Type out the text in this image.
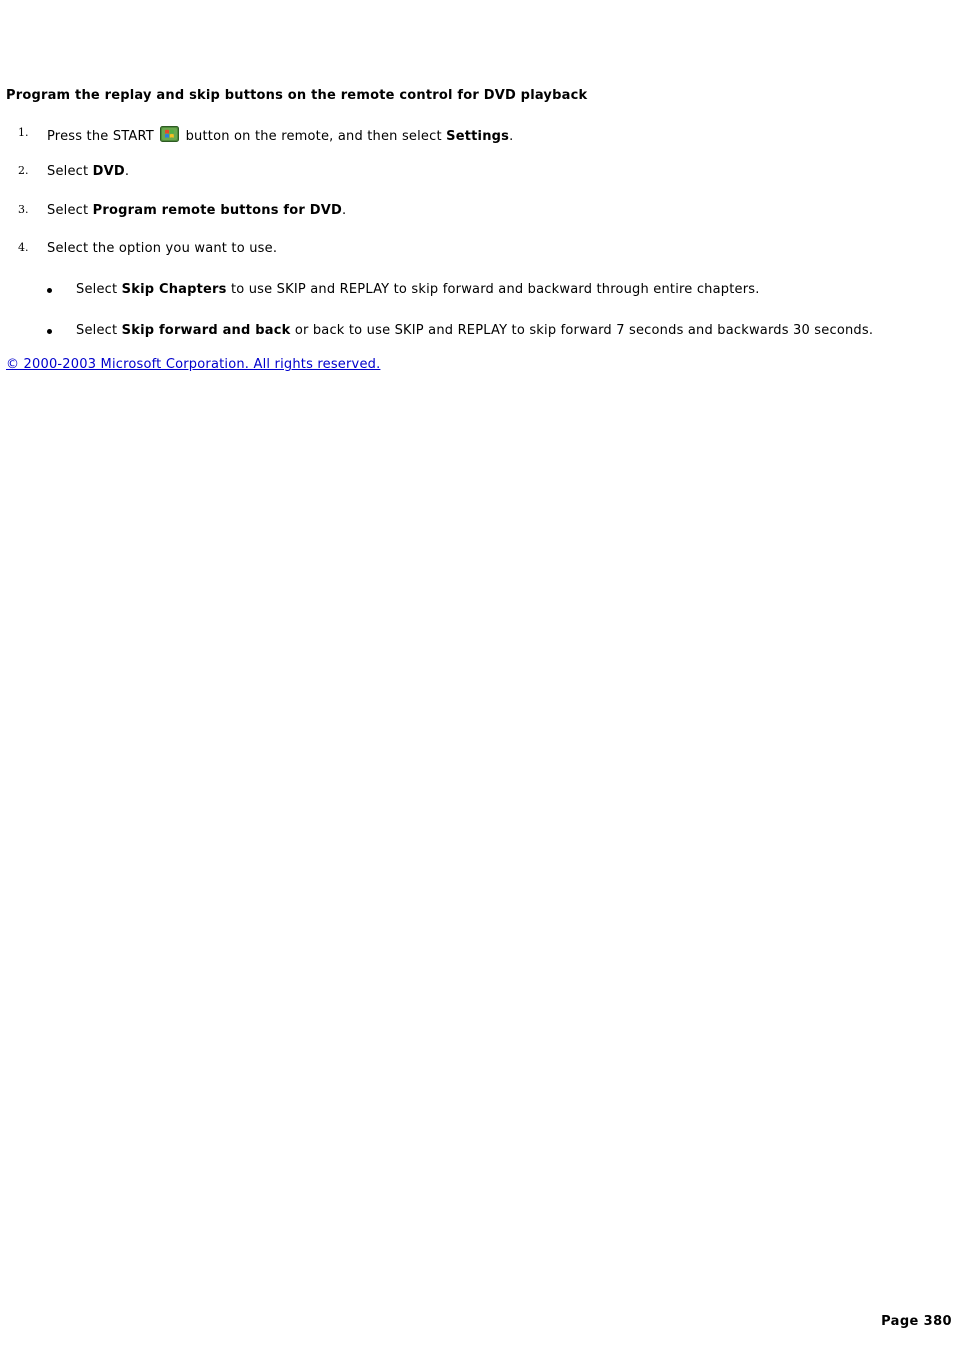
Program the replay and skip buttons on the remote control for DVD playback
1. Press the START button on the remote, and then select Settings.
2. Select DVD.
3. Select Program remote buttons for DVD.
4. Select the option you want to use.
Select Skip Chapters to use SKIP and REPLAY to skip forward and backward through entire chapters.
Select Skip forward and back or back to use SKIP and REPLAY to skip forward 7 seconds and backwards 30 seconds.
© 2000-2003 Microsoft Corporation. All rights reserved.
Page 380
